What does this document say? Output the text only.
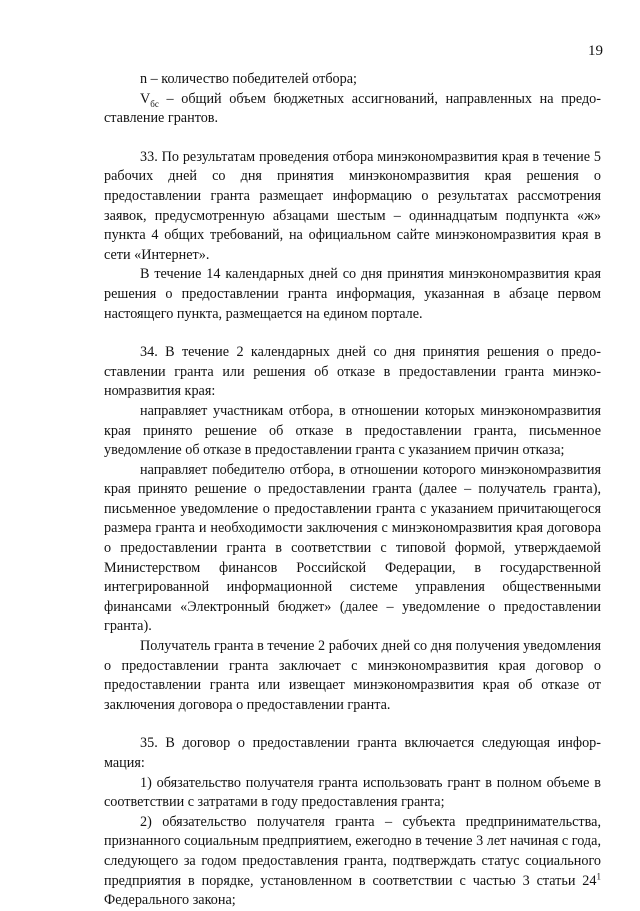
19

n – количество победителей отбора;

$V_{бс}$ – общий объем бюджетных ассигнований, направленных на предоставление грантов.

33. По результатам проведения отбора минэкономразвития края в течение 5 рабочих дней со дня принятия минэкономразвития края решения о предоставлении гранта размещает информацию о результатах рассмотрения заявок, предусмотренную абзацами шестым – одиннадцатым подпункта «ж» пункта 4 общих требований, на официальном сайте минэкономразвития края в сети «Интернет».

В течение 14 календарных дней со дня принятия минэкономразвития края решения о предоставлении гранта информация, указанная в абзаце первом настоящего пункта, размещается на едином портале.

34. В течение 2 календарных дней со дня принятия решения о предоставлении гранта или решения об отказе в предоставлении гранта минэкономразвития края:

направляет участникам отбора, в отношении которых минэкономразвития края принято решение об отказе в предоставлении гранта, письменное уведомление об отказе в предоставлении гранта с указанием причин отказа;

направляет победителю отбора, в отношении которого минэкономразвития края принято решение о предоставлении гранта (далее – получатель гранта), письменное уведомление о предоставлении гранта с указанием причитающегося размера гранта и необходимости заключения с минэкономразвития края договора о предоставлении гранта в соответствии с типовой формой, утверждаемой Министерством финансов Российской Федерации, в государственной интегрированной информационной системе управления общественными финансами «Электронный бюджет» (далее – уведомление о предоставлении гранта).

Получатель гранта в течение 2 рабочих дней со дня получения уведомления о предоставлении гранта заключает с минэкономразвития края договор о предоставлении гранта или извещает минэкономразвития края об отказе от заключения договора о предоставлении гранта.

35. В договор о предоставлении гранта включается следующая информация:

1) обязательство получателя гранта использовать грант в полном объеме в соответствии с затратами в году предоставления гранта;

2) обязательство получателя гранта – субъекта предпринимательства, признанного социальным предприятием, ежегодно в течение 3 лет начиная с года, следующего за годом предоставления гранта, подтверждать статус социального предприятия в порядке, установленном в соответствии с частью 3 статьи $24^1$ Федерального закона;
